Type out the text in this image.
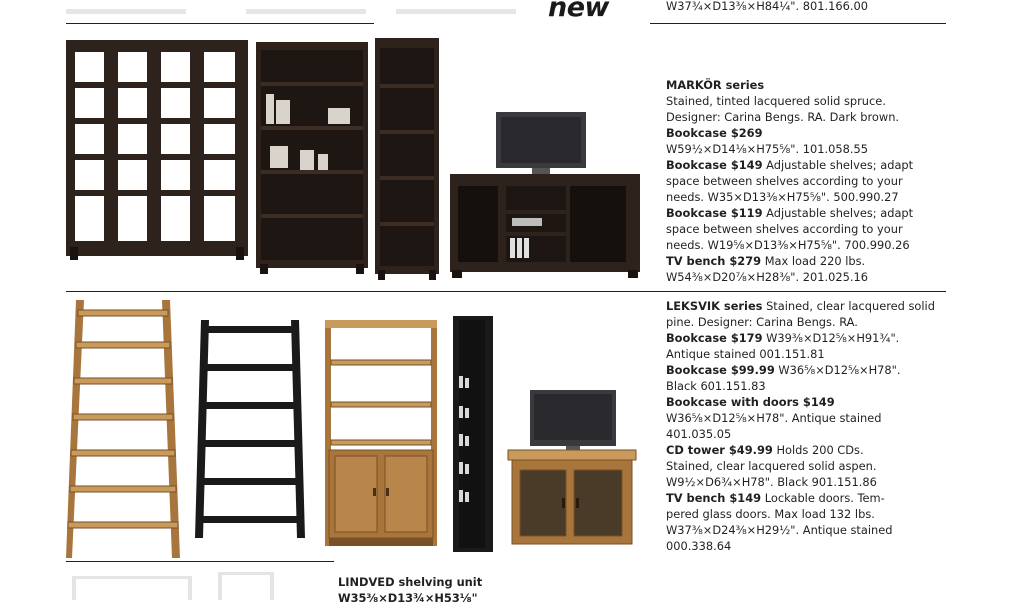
new	W37¾×D13⅜×H84¼". 801.166.00
MARKÖR series
Stained, tinted lacquered solid spruce.
Designer: Carina Bengs. RA. Dark brown.
Bookcase $269
W59½×D14⅛×H75⅝". 101.058.55
Bookcase $149 Adjustable shelves; adapt
space between shelves according to your
needs. W35×D13⅜×H75⅝". 500.990.27
Bookcase $119 Adjustable shelves; adapt
space between shelves according to your
needs. W19⅝×D13⅜×H75⅝". 700.990.26
TV bench $279 Max load 220 lbs.
W54⅜×D20⅞×H28⅜". 201.025.16
LEKSVIK series Stained, clear lacquered solid
pine. Designer: Carina Bengs. RA.
Bookcase $179 W39⅜×D12⅝×H91¾".
Antique stained 001.151.81
Bookcase $99.99 W36⅝×D12⅝×H78".
Black 601.151.83
Bookcase with doors $149
W36⅝×D12⅝×H78". Antique stained
401.035.05
CD tower $49.99 Holds 200 CDs.
Stained, clear lacquered solid aspen.
W9½×D6¾×H78". Black 901.151.86
TV bench $149 Lockable doors. Tem-
pered glass doors. Max load 132 lbs.
W37⅜×D24⅜×H29½". Antique stained
000.338.64
LINDVED shelving unit
W35⅜×D13¾×H53⅛"
